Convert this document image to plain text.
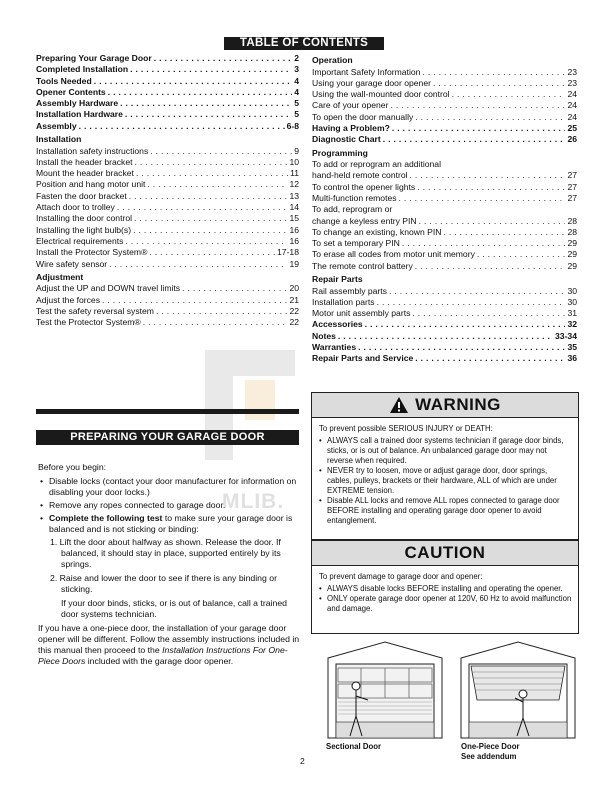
TABLE OF CONTENTS
Preparing Your Garage Door . . .	2
Completed Installation . . .	3
Tools Needed . . .	4
Opener Contents . . .	4
Assembly Hardware . . .	5
Installation Hardware . . .	5
Assembly . . .	6-8
Installation
Installation safety instructions . . .	9
Install the header bracket . . .	10
Mount the header bracket . . .	11
Position and hang motor unit . . .	12
Fasten the door bracket . . .	13
Attach door to trolley . . .	14
Installing the door control . . .	15
Installing the light bulb(s) . . .	16
Electrical requirements . . .	16
Install the Protector System® . . .	17-18
Wire safety sensor . . .	19
Adjustment
Adjust the UP and DOWN travel limits . . .	20
Adjust the forces . . .	21
Test the safety reversal system . . .	22
Test the Protector System® . . .	22
Operation
Important Safety Information . . .	23
Using your garage door opener . . .	23
Using the wall-mounted door control . . .	24
Care of your opener . . .	24
To open the door manually . . .	24
Having a Problem? . . .	25
Diagnostic Chart . . .	26
Programming
To add or reprogram an additional
hand-held remote control . . .	27
To control the opener lights . . .	27
Multi-function remotes . . .	27
To add, reprogram or
change a keyless entry PIN . . .	28
To change an existing, known PIN . . .	28
To set a temporary PIN . . .	29
To erase all codes from motor unit memory . . .	29
The remote control battery . . .	29
Repair Parts
Rail assembly parts . . .	30
Installation parts . . .	30
Motor unit assembly parts . . .	31
Accessories . . .	32
Notes . . .	33-34
Warranties . . .	35
Repair Parts and Service . . .	36
MLIB.
PREPARING YOUR GARAGE DOOR
Before you begin:
• Disable locks (contact your door manufacturer for information on disabling your door locks.)
• Remove any ropes connected to garage door.
• Complete the following test to make sure your garage door is balanced and is not sticking or binding:
1. Lift the door about halfway as shown. Release the door. If balanced, it should stay in place, supported entirely by its springs.
2. Raise and lower the door to see if there is any binding or sticking.
If your door binds, sticks, or is out of balance, call a trained door systems technician.
If you have a one-piece door, the installation of your garage door opener will be different. Follow the assembly instructions included in this manual then proceed to the Installation Instructions For One-Piece Doors included with the garage door opener.
WARNING
To prevent possible SERIOUS INJURY or DEATH:
• ALWAYS call a trained door systems technician if garage door binds, sticks, or is out of balance. An unbalanced garage door may not reverse when required.
• NEVER try to loosen, move or adjust garage door, door springs, cables, pulleys, brackets or their hardware, ALL of which are under EXTREME tension.
• Disable ALL locks and remove ALL ropes connected to garage door BEFORE installing and operating garage door opener to avoid entanglement.
CAUTION
To prevent damage to garage door and opener:
• ALWAYS disable locks BEFORE installing and operating the opener.
• ONLY operate garage door opener at 120V, 60 Hz to avoid malfunction and damage.
Sectional Door	One-Piece Door
See addendum
2
